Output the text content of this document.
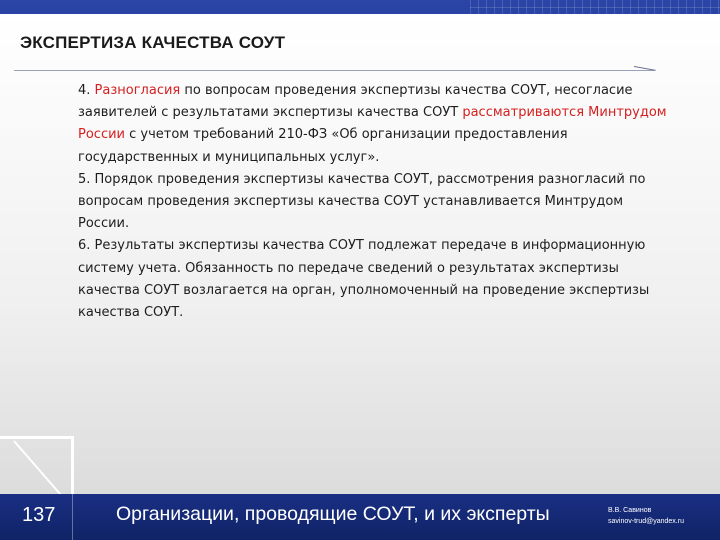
ЭКСПЕРТИЗА КАЧЕСТВА СОУТ

4. Разногласия по вопросам проведения экспертизы качества СОУТ, несогласие заявителей с результатами экспертизы качества СОУТ рассматриваются Минтрудом России с учетом требований 210-ФЗ «Об организации предоставления государственных и муниципальных услуг».

5. Порядок проведения экспертизы качества СОУТ, рассмотрения разногласий по вопросам проведения экспертизы качества СОУТ устанавливается Минтрудом России.

6. Результаты экспертизы качества СОУТ подлежат передаче в информационную систему учета. Обязанность по передаче сведений о результатах экспертизы качества СОУТ возлагается на орган, уполномоченный на проведение экспертизы качества СОУТ.

137	Организации, проводящие СОУТ, и их эксперты	В.В. Савинов
savinov-trud@yandex.ru
